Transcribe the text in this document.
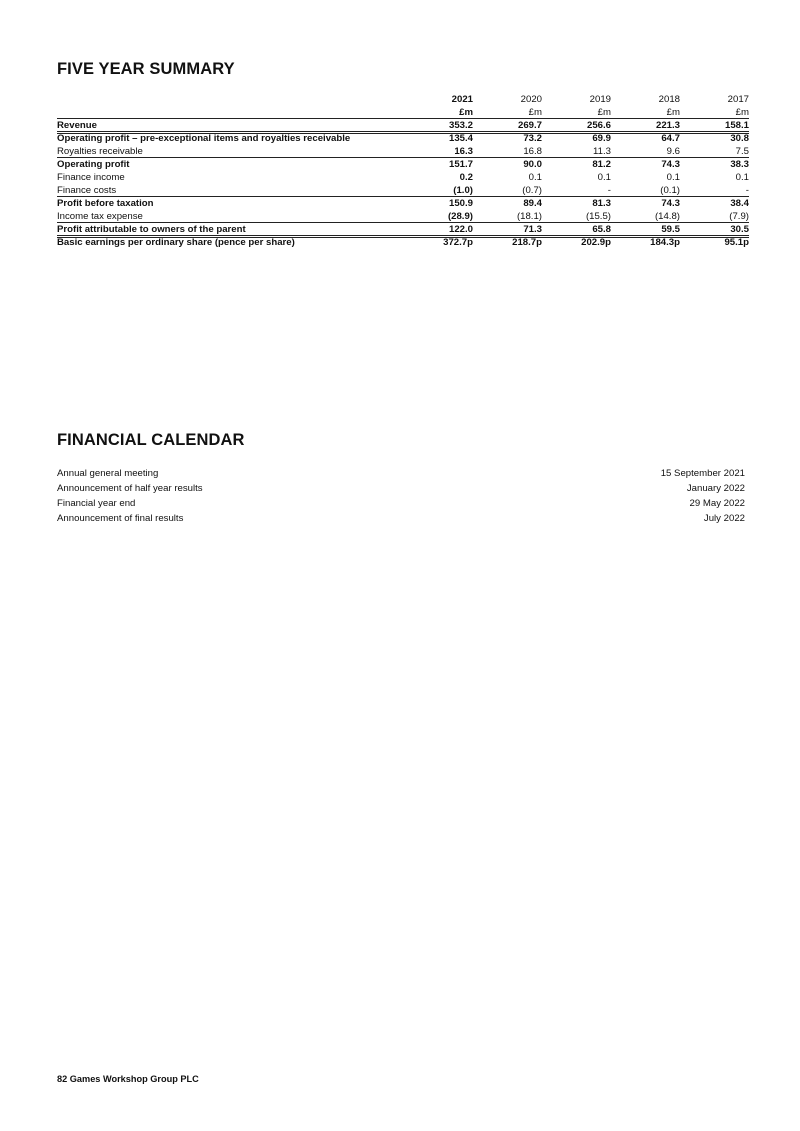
FIVE YEAR SUMMARY
2021	2020	2019	2018	2017
£m	£m	£m	£m	£m
Revenue	353.2	269.7	256.6	221.3	158.1
Operating profit – pre-exceptional items and royalties receivable	135.4	73.2	69.9	64.7	30.8
Royalties receivable	16.3	16.8	11.3	9.6	7.5
Operating profit	151.7	90.0	81.2	74.3	38.3
Finance income	0.2	0.1	0.1	0.1	0.1
Finance costs	(1.0)	(0.7)	-	(0.1)	-
Profit before taxation	150.9	89.4	81.3	74.3	38.4
Income tax expense	(28.9)	(18.1)	(15.5)	(14.8)	(7.9)
Profit attributable to owners of the parent	122.0	71.3	65.8	59.5	30.5
Basic earnings per ordinary share (pence per share)	372.7p	218.7p	202.9p	184.3p	95.1p
FINANCIAL CALENDAR
Annual general meeting	15 September 2021
Announcement of half year results	January 2022
Financial year end	29 May 2022
Announcement of final results	July 2022
82 Games Workshop Group PLC
